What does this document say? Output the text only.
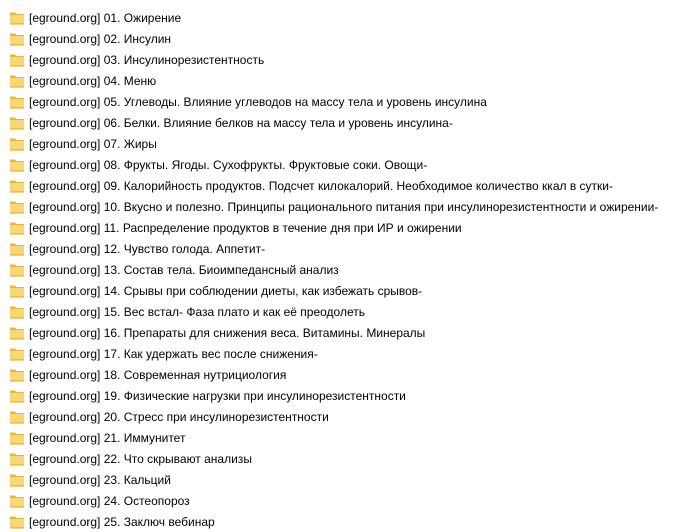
[eground.org] 01. Ожирение
[eground.org] 02. Инсулин
[eground.org] 03. Инсулинорезистентность
[eground.org] 04. Меню
[eground.org] 05. Углеводы. Влияние углеводов на массу тела и уровень инсулина
[eground.org] 06. Белки. Влияние белков на массу тела и уровень инсулина-
[eground.org] 07. Жиры
[eground.org] 08. Фрукты. Ягоды. Сухофрукты. Фруктовые соки. Овощи-
[eground.org] 09. Калорийность продуктов. Подсчет килокалорий. Необходимое количество ккал в сутки-
[eground.org] 10. Вкусно и полезно. Принципы рационального питания при инсулинорезистентности и ожирении-
[eground.org] 11. Распределение продуктов в течение дня при ИР и ожирении
[eground.org] 12. Чувство голода. Аппетит-
[eground.org] 13. Состав тела. Биоимпедансный анализ
[eground.org] 14. Срывы при соблюдении диеты, как избежать срывов-
[eground.org] 15. Вес встал- Фаза плато и как её преодолеть
[eground.org] 16. Препараты для снижения веса. Витамины. Минералы
[eground.org] 17. Как удержать вес после снижения-
[eground.org] 18. Современная нутрициология
[eground.org] 19. Физические нагрузки при инсулинорезистентности
[eground.org] 20. Стресс при инсулинорезистентности
[eground.org] 21. Иммунитет
[eground.org] 22. Что скрывают анализы
[eground.org] 23. Кальций
[eground.org] 24. Остеопороз
[eground.org] 25. Заключ вебинар
